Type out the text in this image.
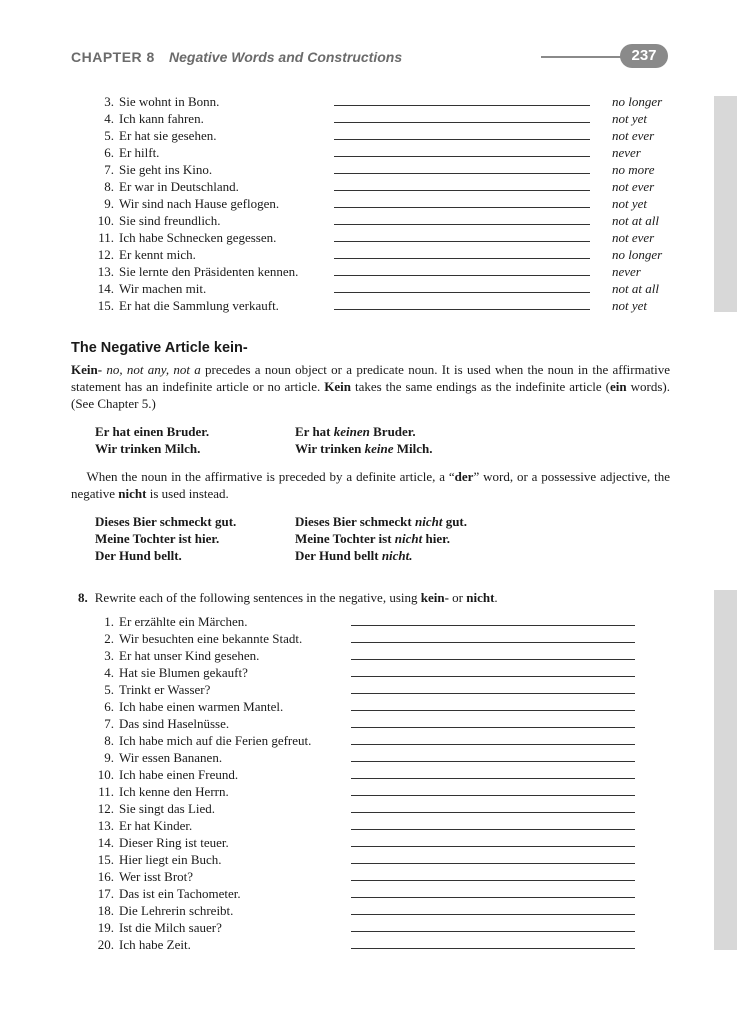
CHAPTER 8 Negative Words and Constructions	237
3. Sie wohnt in Bonn.	no longer
4. Ich kann fahren.	not yet
5. Er hat sie gesehen.	not ever
6. Er hilft.	never
7. Sie geht ins Kino.	no more
8. Er war in Deutschland.	not ever
9. Wir sind nach Hause geflogen.	not yet
10. Sie sind freundlich.	not at all
11. Ich habe Schnecken gegessen.	not ever
12. Er kennt mich.	no longer
13. Sie lernte den Präsidenten kennen.	never
14. Wir machen mit.	not at all
15. Er hat die Sammlung verkauft.	not yet
The Negative Article kein-
Kein- no, not any, not a precedes a noun object or a predicate noun. It is used when the noun in the affirmative statement has an indefinite article or no article. Kein takes the same endings as the indefinite article (ein words). (See Chapter 5.)
Er hat einen Bruder.	Er hat keinen Bruder.
Wir trinken Milch.	Wir trinken keine Milch.
When the noun in the affirmative is preceded by a definite article, a “der” word, or a possessive adjective, the negative nicht is used instead.
Dieses Bier schmeckt gut.	Dieses Bier schmeckt nicht gut.
Meine Tochter ist hier.	Meine Tochter ist nicht hier.
Der Hund bellt.	Der Hund bellt nicht.
8. Rewrite each of the following sentences in the negative, using kein- or nicht.
1. Er erzählte ein Märchen.
2. Wir besuchten eine bekannte Stadt.
3. Er hat unser Kind gesehen.
4. Hat sie Blumen gekauft?
5. Trinkt er Wasser?
6. Ich habe einen warmen Mantel.
7. Das sind Haselnüsse.
8. Ich habe mich auf die Ferien gefreut.
9. Wir essen Bananen.
10. Ich habe einen Freund.
11. Ich kenne den Herrn.
12. Sie singt das Lied.
13. Er hat Kinder.
14. Dieser Ring ist teuer.
15. Hier liegt ein Buch.
16. Wer isst Brot?
17. Das ist ein Tachometer.
18. Die Lehrerin schreibt.
19. Ist die Milch sauer?
20. Ich habe Zeit.
